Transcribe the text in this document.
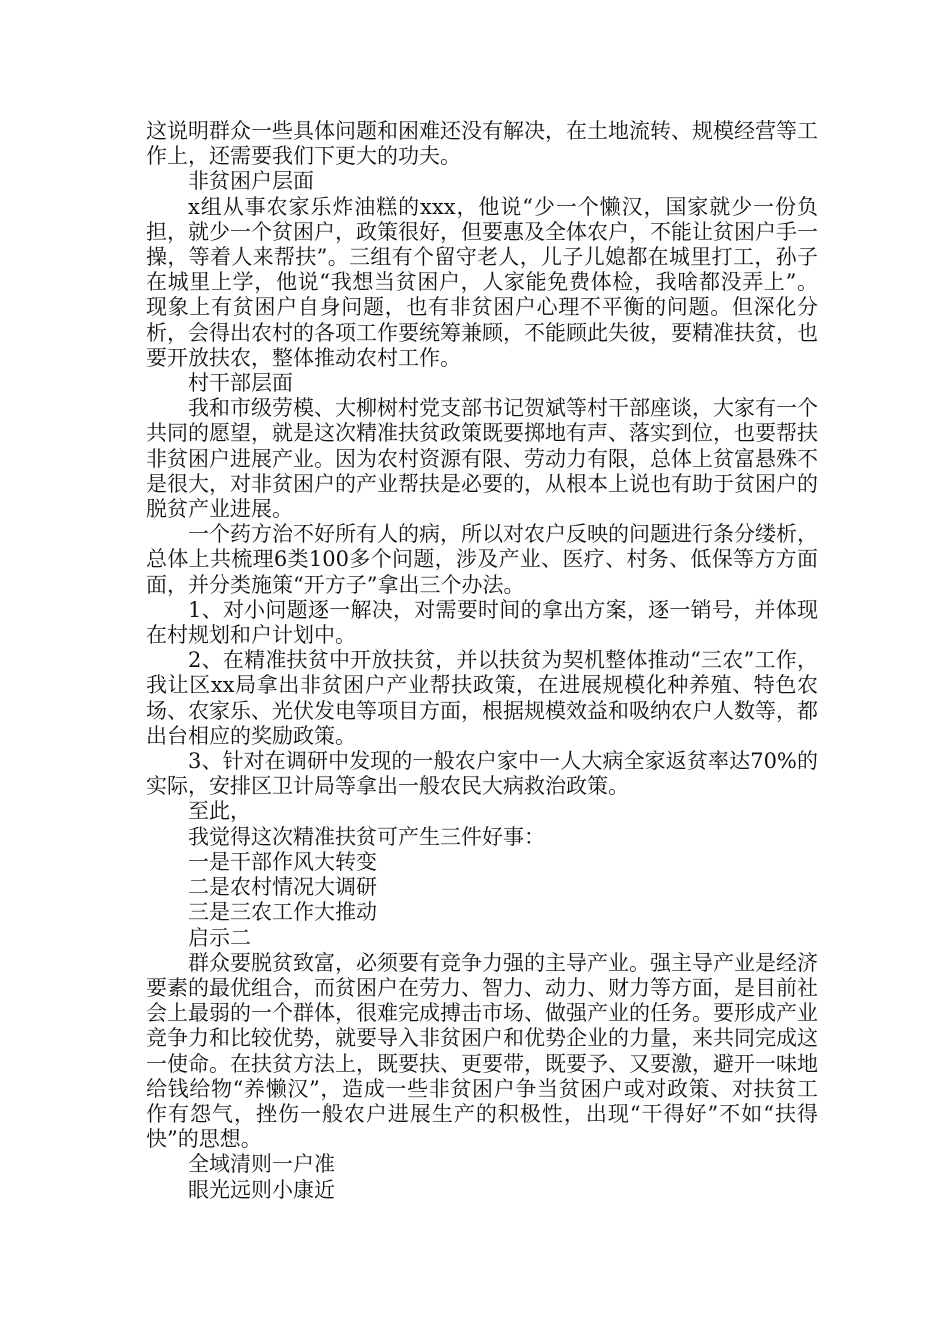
这说明群众一些具体问题和困难还没有解决，在土地流转、规模经营等工作上，还需要我们下更大的功夫。

非贫困户层面

x组从事农家乐炸油糕的xxx，他说“少一个懒汉，国家就少一份负担，就少一个贫困户，政策很好，但要惠及全体农户，不能让贫困户手一操，等着人来帮扶”。三组有个留守老人，儿子儿媳都在城里打工，孙子在城里上学，他说“我想当贫困户，人家能免费体检，我啥都没弄上”。现象上有贫困户自身问题，也有非贫困户心理不平衡的问题。但深化分析，会得出农村的各项工作要统筹兼顾，不能顾此失彼，要精准扶贫，也要开放扶农，整体推动农村工作。

村干部层面

我和市级劳模、大柳树村党支部书记贺斌等村干部座谈，大家有一个共同的愿望，就是这次精准扶贫政策既要掷地有声、落实到位，也要帮扶非贫困户进展产业。因为农村资源有限、劳动力有限，总体上贫富悬殊不是很大，对非贫困户的产业帮扶是必要的，从根本上说也有助于贫困户的脱贫产业进展。

一个药方治不好所有人的病，所以对农户反映的问题进行条分缕析，总体上共梳理6类100多个问题，涉及产业、医疗、村务、低保等方方面面，并分类施策“开方子”拿出三个办法。

1、对小问题逐一解决，对需要时间的拿出方案，逐一销号，并体现在村规划和户计划中。

2、在精准扶贫中开放扶贫，并以扶贫为契机整体推动“三农”工作，我让区xx局拿出非贫困户产业帮扶政策，在进展规模化种养殖、特色农场、农家乐、光伏发电等项目方面，根据规模效益和吸纳农户人数等，都出台相应的奖励政策。

3、针对在调研中发现的一般农户家中一人大病全家返贫率达70%的实际，安排区卫计局等拿出一般农民大病救治政策。

至此，

我觉得这次精准扶贫可产生三件好事：

一是干部作风大转变

二是农村情况大调研

三是三农工作大推动

启示二

群众要脱贫致富，必须要有竞争力强的主导产业。强主导产业是经济要素的最优组合，而贫困户在劳力、智力、动力、财力等方面，是目前社会上最弱的一个群体，很难完成搏击市场、做强产业的任务。要形成产业竞争力和比较优势，就要导入非贫困户和优势企业的力量，来共同完成这一使命。在扶贫方法上，既要扶、更要带，既要予、又要激，避开一味地给钱给物“养懒汉”，造成一些非贫困户争当贫困户或对政策、对扶贫工作有怨气，挫伤一般农户进展生产的积极性，出现“干得好”不如“扶得快”的思想。

全域清则一户准

眼光远则小康近
